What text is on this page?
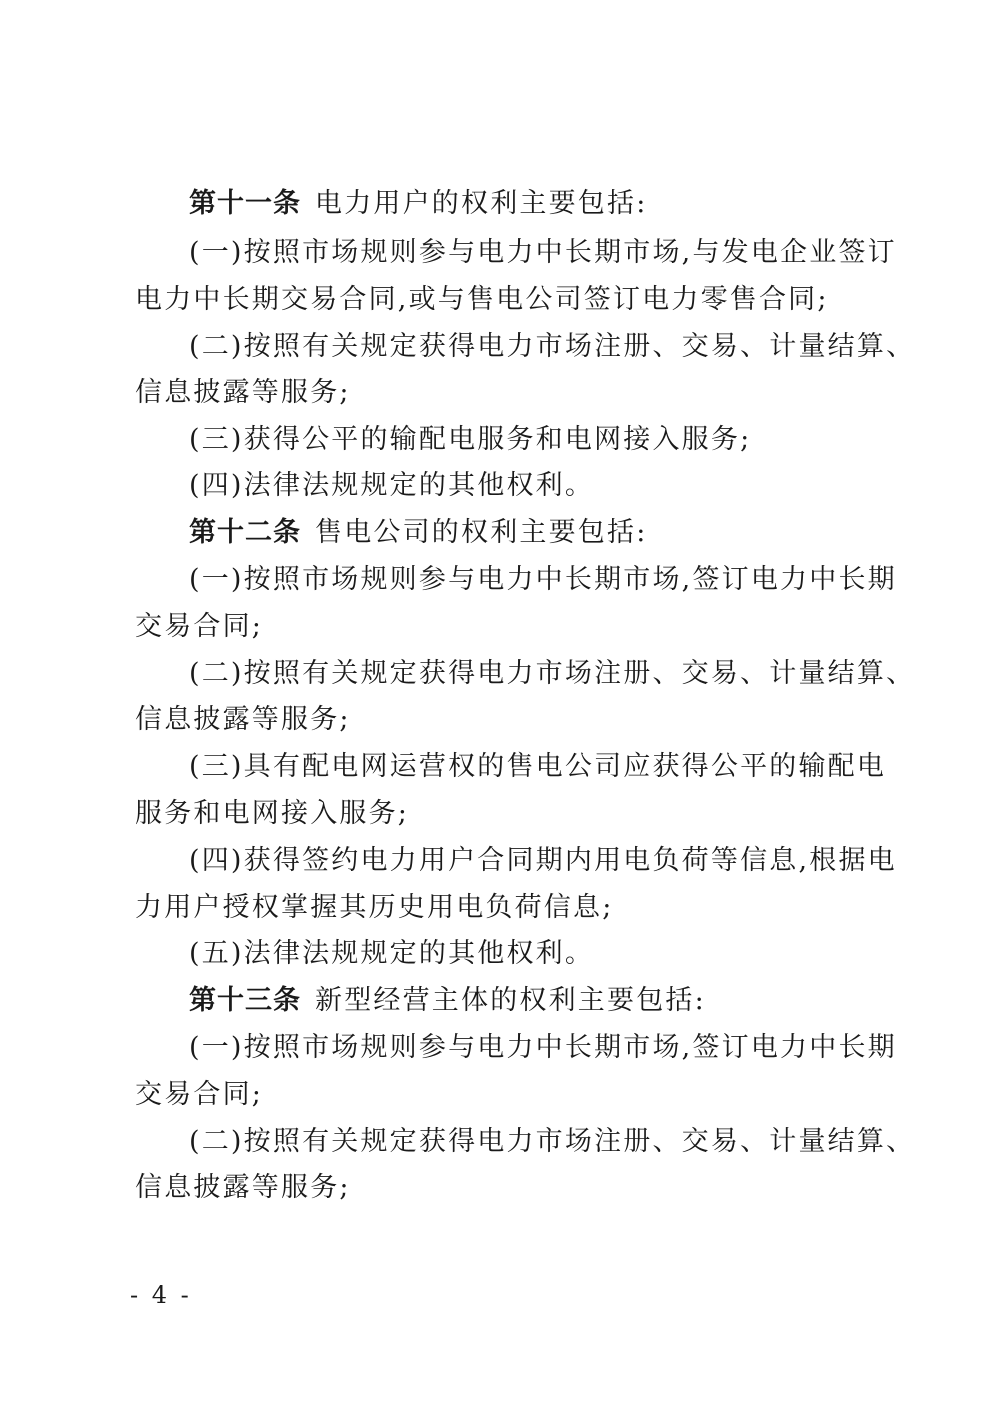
第十一条 电力用户的权利主要包括:
(一)按照市场规则参与电力中长期市场,与发电企业签订
电力中长期交易合同,或与售电公司签订电力零售合同;
(二)按照有关规定获得电力市场注册、交易、计量结算、
信息披露等服务;
(三)获得公平的输配电服务和电网接入服务;
(四)法律法规规定的其他权利。
第十二条 售电公司的权利主要包括:
(一)按照市场规则参与电力中长期市场,签订电力中长期
交易合同;
(二)按照有关规定获得电力市场注册、交易、计量结算、
信息披露等服务;
(三)具有配电网运营权的售电公司应获得公平的输配电
服务和电网接入服务;
(四)获得签约电力用户合同期内用电负荷等信息,根据电
力用户授权掌握其历史用电负荷信息;
(五)法律法规规定的其他权利。
第十三条 新型经营主体的权利主要包括:
(一)按照市场规则参与电力中长期市场,签订电力中长期
交易合同;
(二)按照有关规定获得电力市场注册、交易、计量结算、
信息披露等服务;
- 4 -
